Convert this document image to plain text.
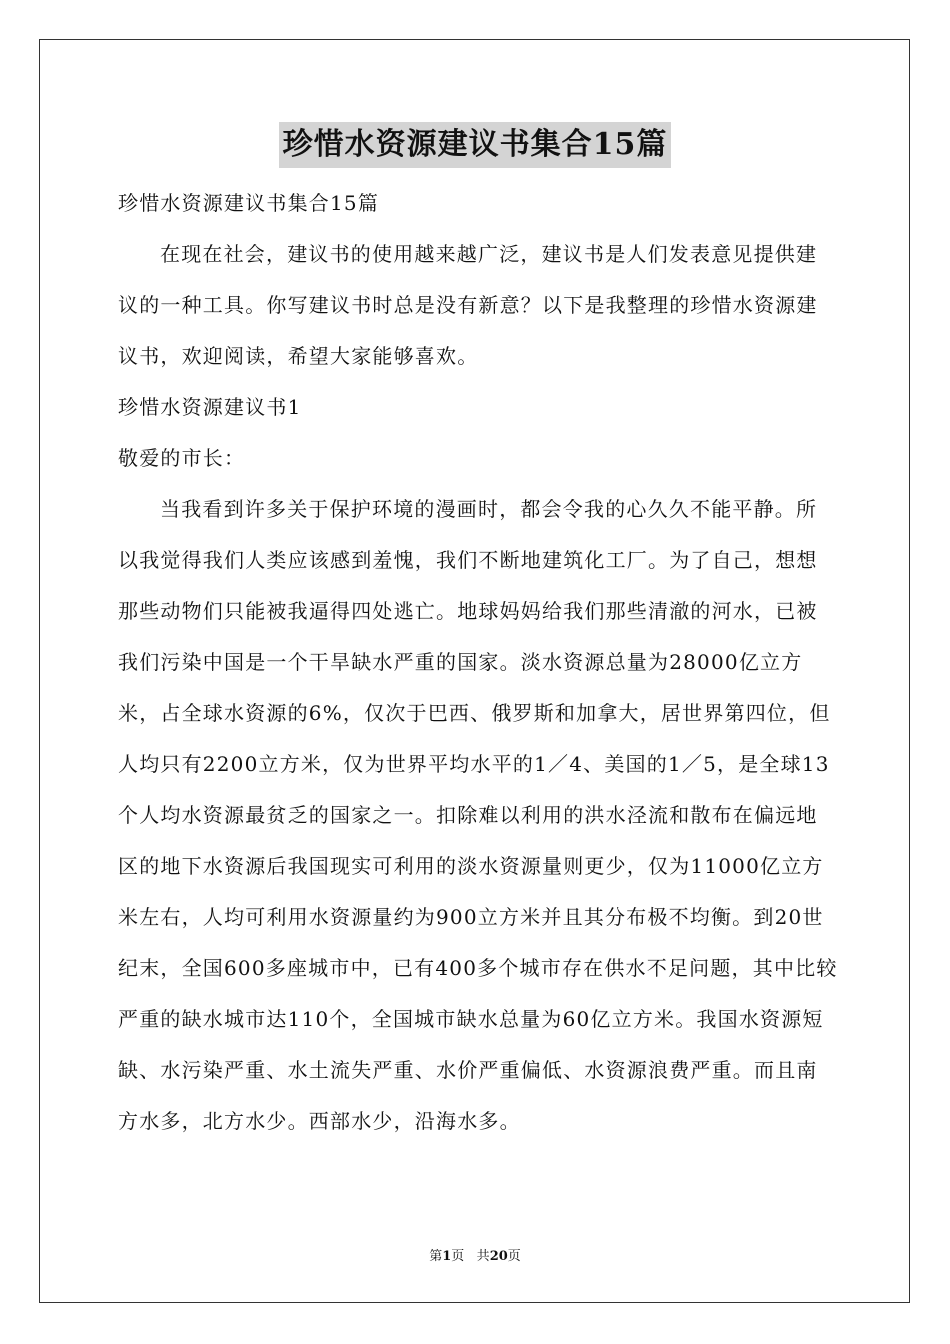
珍惜水资源建议书集合15篇

珍惜水资源建议书集合15篇

在现在社会，建议书的使用越来越广泛，建议书是人们发表意见提供建议的一种工具。你写建议书时总是没有新意？以下是我整理的珍惜水资源建议书，欢迎阅读，希望大家能够喜欢。

珍惜水资源建议书1

敬爱的市长：

当我看到许多关于保护环境的漫画时，都会令我的心久久不能平静。所以我觉得我们人类应该感到羞愧，我们不断地建筑化工厂。为了自己，想想那些动物们只能被我逼得四处逃亡。地球妈妈给我们那些清澈的河水，已被我们污染中国是一个干旱缺水严重的国家。淡水资源总量为28000亿立方米，占全球水资源的6%，仅次于巴西、俄罗斯和加拿大，居世界第四位，但人均只有2200立方米，仅为世界平均水平的1／4、美国的1／5，是全球13个人均水资源最贫乏的国家之一。扣除难以利用的洪水泾流和散布在偏远地区的地下水资源后我国现实可利用的淡水资源量则更少，仅为11000亿立方米左右，人均可利用水资源量约为900立方米并且其分布极不均衡。到20世纪末，全国600多座城市中，已有400多个城市存在供水不足问题，其中比较严重的缺水城市达110个，全国城市缺水总量为60亿立方米。我国水资源短缺、水污染严重、水土流失严重、水价严重偏低、水资源浪费严重。而且南方水多，北方水少。西部水少，沿海水多。

第1页 共20页
